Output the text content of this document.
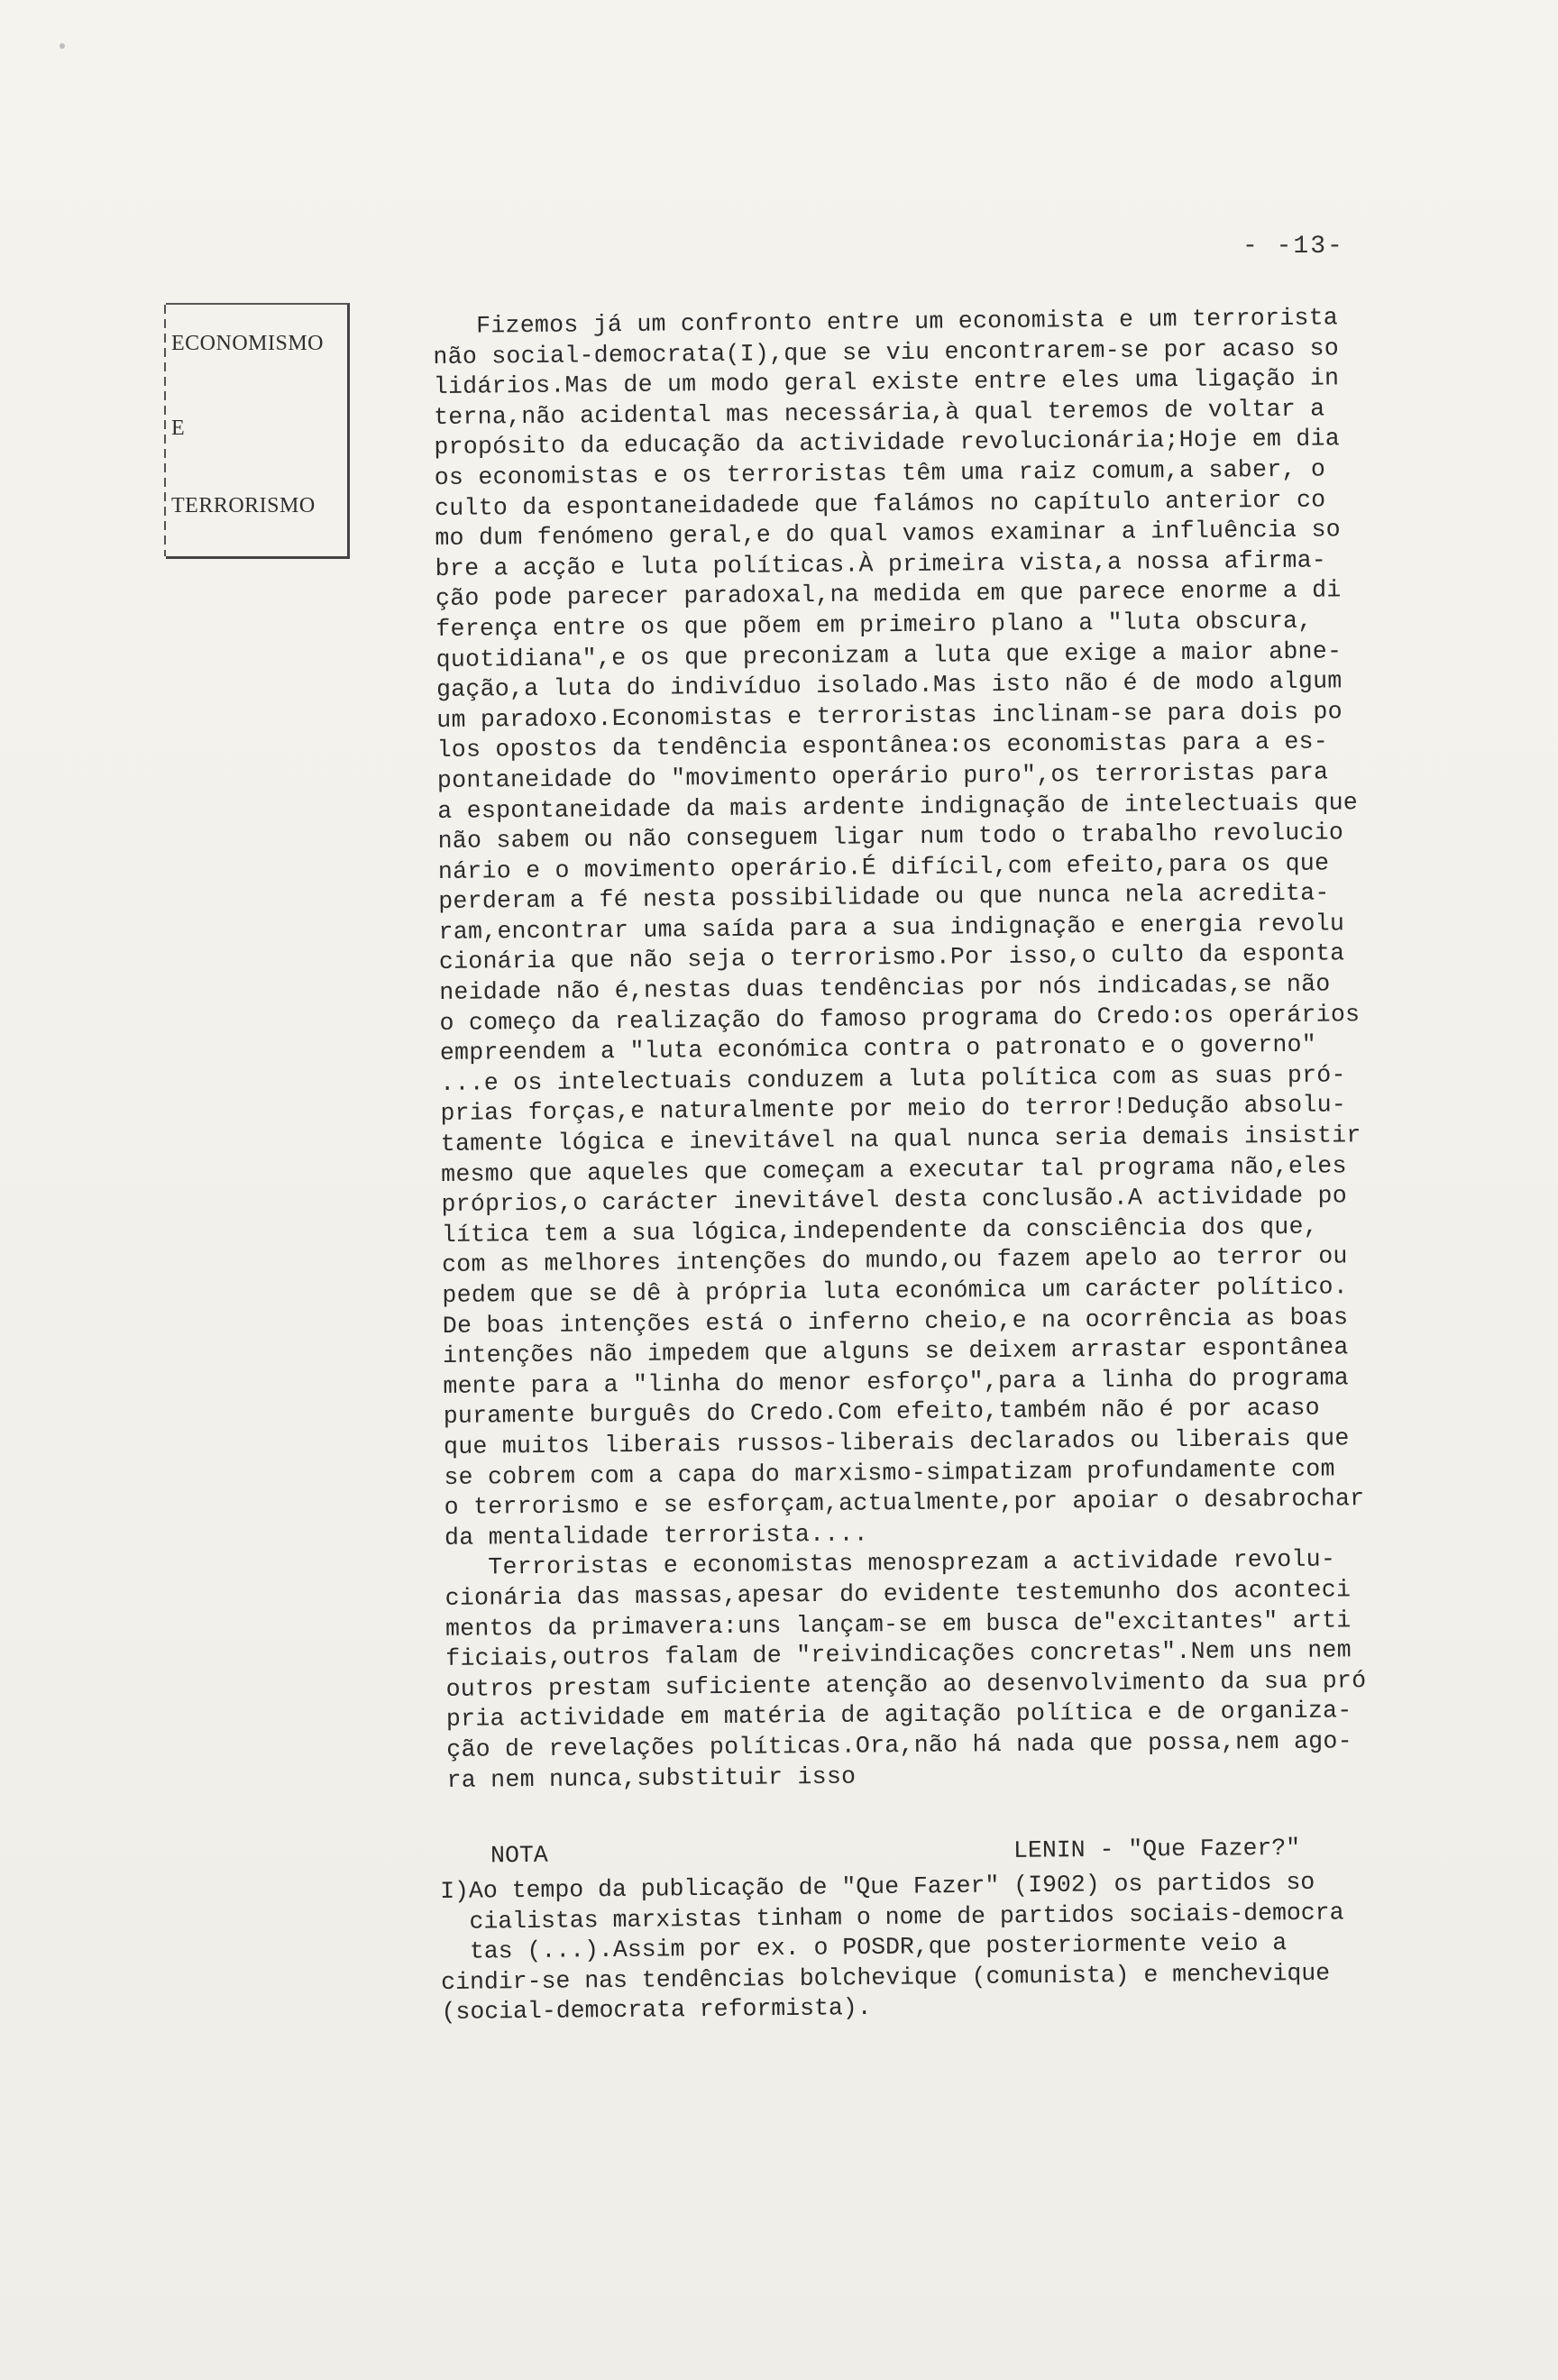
- -13-
ECONOMISMO
E
TERRORISMO
Fizemos já um confronto entre um economista e um terrorista
não social-democrata(I),que se viu encontrarem-se por acaso so
lidários.Mas de um modo geral existe entre eles uma ligação in
terna,não acidental mas necessária,à qual teremos de voltar a
propósito da educação da actividade revolucionária;Hoje em dia
os economistas e os terroristas têm uma raiz comum,a saber, o
culto da espontaneidadede que falámos no capítulo anterior co
mo dum fenómeno geral,e do qual vamos examinar a influência so
bre a acção e luta políticas.À primeira vista,a nossa afirma-
ção pode parecer paradoxal,na medida em que parece enorme a di
ferença entre os que põem em primeiro plano a "luta obscura,
quotidiana",e os que preconizam a luta que exige a maior abne-
gação,a luta do indivíduo isolado.Mas isto não é de modo algum
um paradoxo.Economistas e terroristas inclinam-se para dois po
los opostos da tendência espontânea:os economistas para a es-
pontaneidade do "movimento operário puro",os terroristas para
a espontaneidade da mais ardente indignação de intelectuais que
não sabem ou não conseguem ligar num todo o trabalho revolucio
nário e o movimento operário.É difícil,com efeito,para os que
perderam a fé nesta possibilidade ou que nunca nela acredita-
ram,encontrar uma saída para a sua indignação e energia revolu
cionária que não seja o terrorismo.Por isso,o culto da esponta
neidade não é,nestas duas tendências por nós indicadas,se não
o começo da realização do famoso programa do Credo:os operários
empreendem a "luta económica contra o patronato e o governo"
...e os intelectuais conduzem a luta política com as suas pró-
prias forças,e naturalmente por meio do terror!Dedução absolu-
tamente lógica e inevitável na qual nunca seria demais insistir
mesmo que aqueles que começam a executar tal programa não,eles
próprios,o carácter inevitável desta conclusão.A actividade po
lítica tem a sua lógica,independente da consciência dos que,
com as melhores intenções do mundo,ou fazem apelo ao terror ou
pedem que se dê à própria luta económica um carácter político.
De boas intenções está o inferno cheio,e na ocorrência as boas
intenções não impedem que alguns se deixem arrastar espontânea
mente para a "linha do menor esforço",para a linha do programa
puramente burguês do Credo.Com efeito,também não é por acaso
que muitos liberais russos-liberais declarados ou liberais que
se cobrem com a capa do marxismo-simpatizam profundamente com
o terrorismo e se esforçam,actualmente,por apoiar o desabrochar
da mentalidade terrorista....
Terroristas e economistas menosprezam a actividade revolu-
cionária das massas,apesar do evidente testemunho dos aconteci
mentos da primavera:uns lançam-se em busca de"excitantes" arti
ficiais,outros falam de "reivindicações concretas".Nem uns nem
outros prestam suficiente atenção ao desenvolvimento da sua pró
pria actividade em matéria de agitação política e de organiza-
ção de revelações políticas.Ora,não há nada que possa,nem ago-
ra nem nunca,substituir isso

NOTA	LENIN - "Que Fazer?"

I)Ao tempo da publicação de "Que Fazer" (I902) os partidos so
cialistas marxistas tinham o nome de partidos sociais-democra
tas (...).Assim por ex. o POSDR,que posteriormente veio a
cindir-se nas tendências bolchevique (comunista) e menchevique
(social-democrata reformista).
